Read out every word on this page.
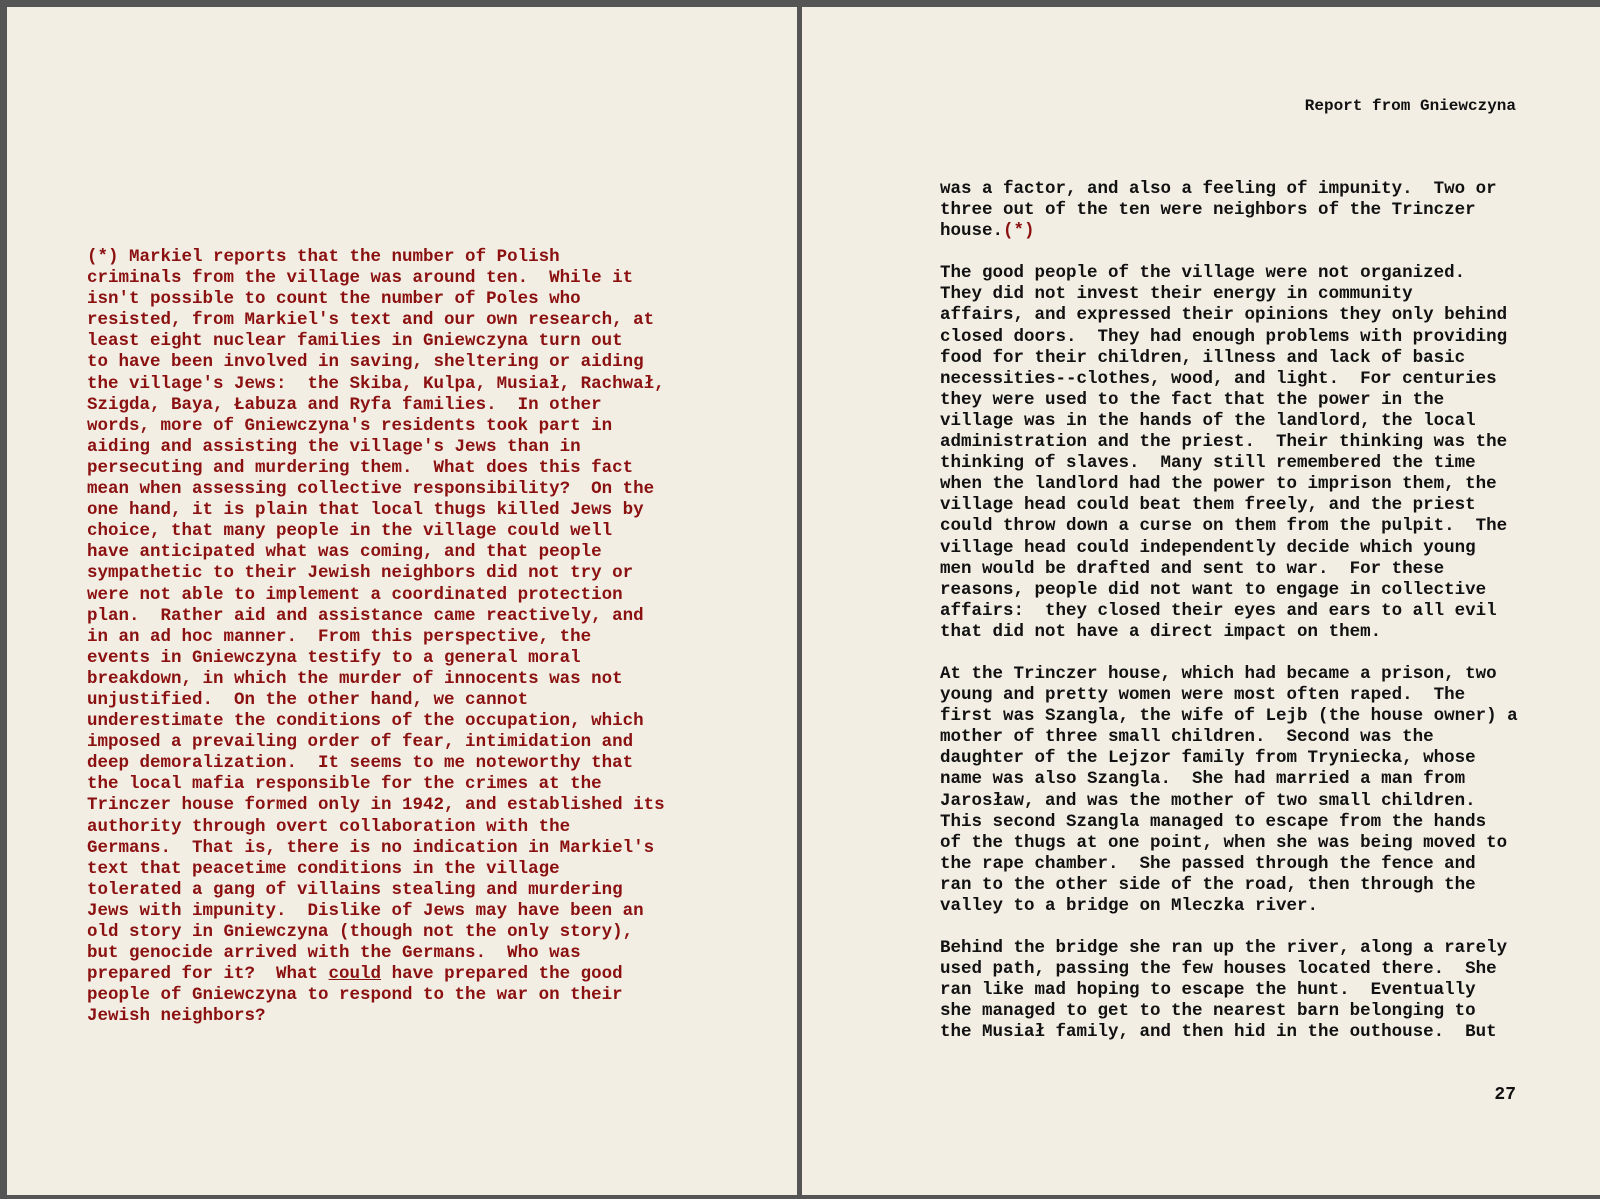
(*) Markiel reports that the number of Polish
criminals from the village was around ten.  While it
isn't possible to count the number of Poles who
resisted, from Markiel's text and our own research, at
least eight nuclear families in Gniewczyna turn out
to have been involved in saving, sheltering or aiding
the village's Jews:  the Skiba, Kulpa, Musiał, Rachwał,
Szigda, Baya, Łabuza and Ryfa families.  In other
words, more of Gniewczyna's residents took part in
aiding and assisting the village's Jews than in
persecuting and murdering them.  What does this fact
mean when assessing collective responsibility?  On the
one hand, it is plain that local thugs killed Jews by
choice, that many people in the village could well
have anticipated what was coming, and that people
sympathetic to their Jewish neighbors did not try or
were not able to implement a coordinated protection
plan.  Rather aid and assistance came reactively, and
in an ad hoc manner.  From this perspective, the
events in Gniewczyna testify to a general moral
breakdown, in which the murder of innocents was not
unjustified.  On the other hand, we cannot
underestimate the conditions of the occupation, which
imposed a prevailing order of fear, intimidation and
deep demoralization.  It seems to me noteworthy that
the local mafia responsible for the crimes at the
Trinczer house formed only in 1942, and established its
authority through overt collaboration with the
Germans.  That is, there is no indication in Markiel's
text that peacetime conditions in the village
tolerated a gang of villains stealing and murdering
Jews with impunity.  Dislike of Jews may have been an
old story in Gniewczyna (though not the only story),
but genocide arrived with the Germans.  Who was
prepared for it?  What could have prepared the good
people of Gniewczyna to respond to the war on their
Jewish neighbors?
Report from Gniewczyna
was a factor, and also a feeling of impunity.  Two or
three out of the ten were neighbors of the Trinczer
house.(*)
The good people of the village were not organized.
They did not invest their energy in community
affairs, and expressed their opinions they only behind
closed doors.  They had enough problems with providing
food for their children, illness and lack of basic
necessities--clothes, wood, and light.  For centuries
they were used to the fact that the power in the
village was in the hands of the landlord, the local
administration and the priest.  Their thinking was the
thinking of slaves.  Many still remembered the time
when the landlord had the power to imprison them, the
village head could beat them freely, and the priest
could throw down a curse on them from the pulpit.  The
village head could independently decide which young
men would be drafted and sent to war.  For these
reasons, people did not want to engage in collective
affairs:  they closed their eyes and ears to all evil
that did not have a direct impact on them.
At the Trinczer house, which had became a prison, two
young and pretty women were most often raped.  The
first was Szangla, the wife of Lejb (the house owner) a
mother of three small children.  Second was the
daughter of the Lejzor family from Tryniecka, whose
name was also Szangla.  She had married a man from
Jarosław, and was the mother of two small children.
This second Szangla managed to escape from the hands
of the thugs at one point, when she was being moved to
the rape chamber.  She passed through the fence and
ran to the other side of the road, then through the
valley to a bridge on Mleczka river.
Behind the bridge she ran up the river, along a rarely
used path, passing the few houses located there.  She
ran like mad hoping to escape the hunt.  Eventually
she managed to get to the nearest barn belonging to
the Musiał family, and then hid in the outhouse.  But
27
